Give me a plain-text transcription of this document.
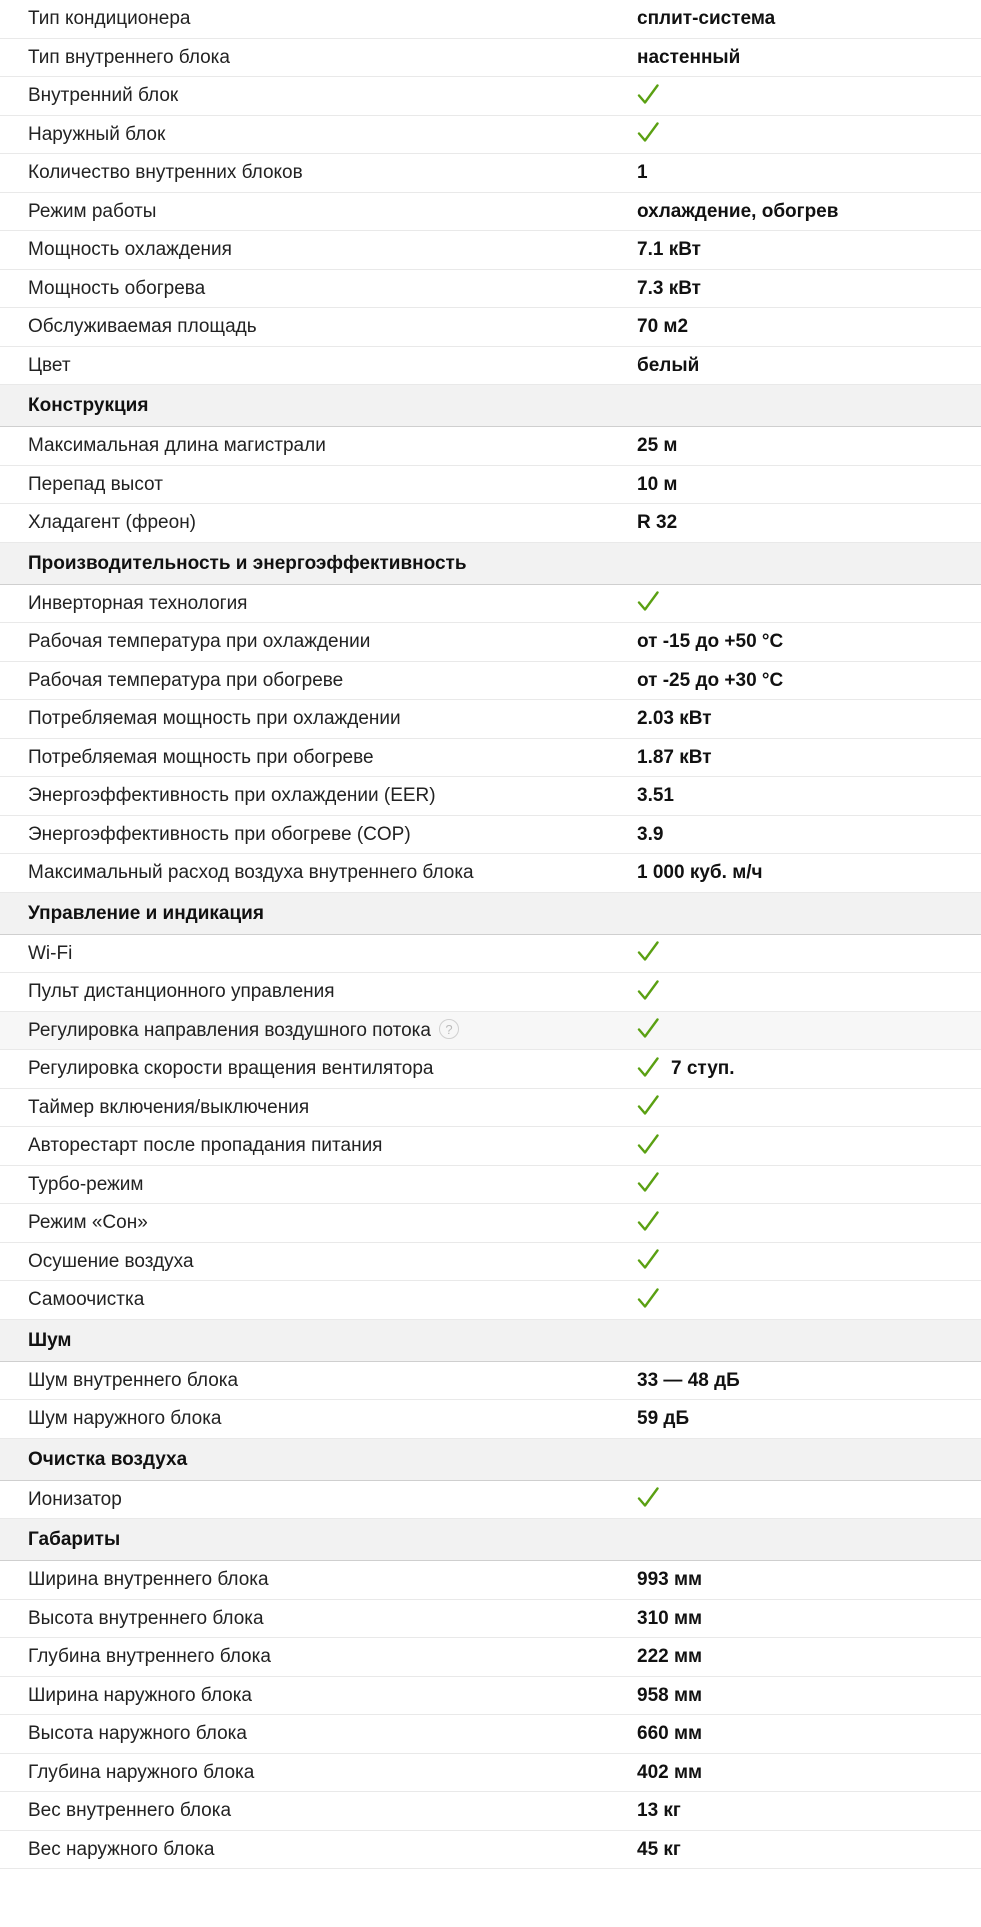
Тип кондиционера	сплит-система
Тип внутреннего блока	настенный
Внутренний блок
Наружный блок
Количество внутренних блоков	1
Режим работы	охлаждение, обогрев
Мощность охлаждения	7.1 кВт
Мощность обогрева	7.3 кВт
Обслуживаемая площадь	70 м2
Цвет	белый
Конструкция
Максимальная длина магистрали	25 м
Перепад высот	10 м
Хладагент (фреон)	R 32
Производительность и энергоэффективность
Инверторная технология
Рабочая температура при охлаждении	от -15 до +50 °C
Рабочая температура при обогреве	от -25 до +30 °C
Потребляемая мощность при охлаждении	2.03 кВт
Потребляемая мощность при обогреве	1.87 кВт
Энергоэффективность при охлаждении (EER)	3.51
Энергоэффективность при обогреве (COP)	3.9
Максимальный расход воздуха внутреннего блока	1 000 куб. м/ч
Управление и индикация
Wi-Fi
Пульт дистанционного управления
Регулировка направления воздушного потока ?
Регулировка скорости вращения вентилятора	7 ступ.
Таймер включения/выключения
Авторестарт после пропадания питания
Турбо-режим
Режим «Сон»
Осушение воздуха
Самоочистка
Шум
Шум внутреннего блока	33 — 48 дБ
Шум наружного блока	59 дБ
Очистка воздуха
Ионизатор
Габариты
Ширина внутреннего блока	993 мм
Высота внутреннего блока	310 мм
Глубина внутреннего блока	222 мм
Ширина наружного блока	958 мм
Высота наружного блока	660 мм
Глубина наружного блока	402 мм
Вес внутреннего блока	13 кг
Вес наружного блока	45 кг
